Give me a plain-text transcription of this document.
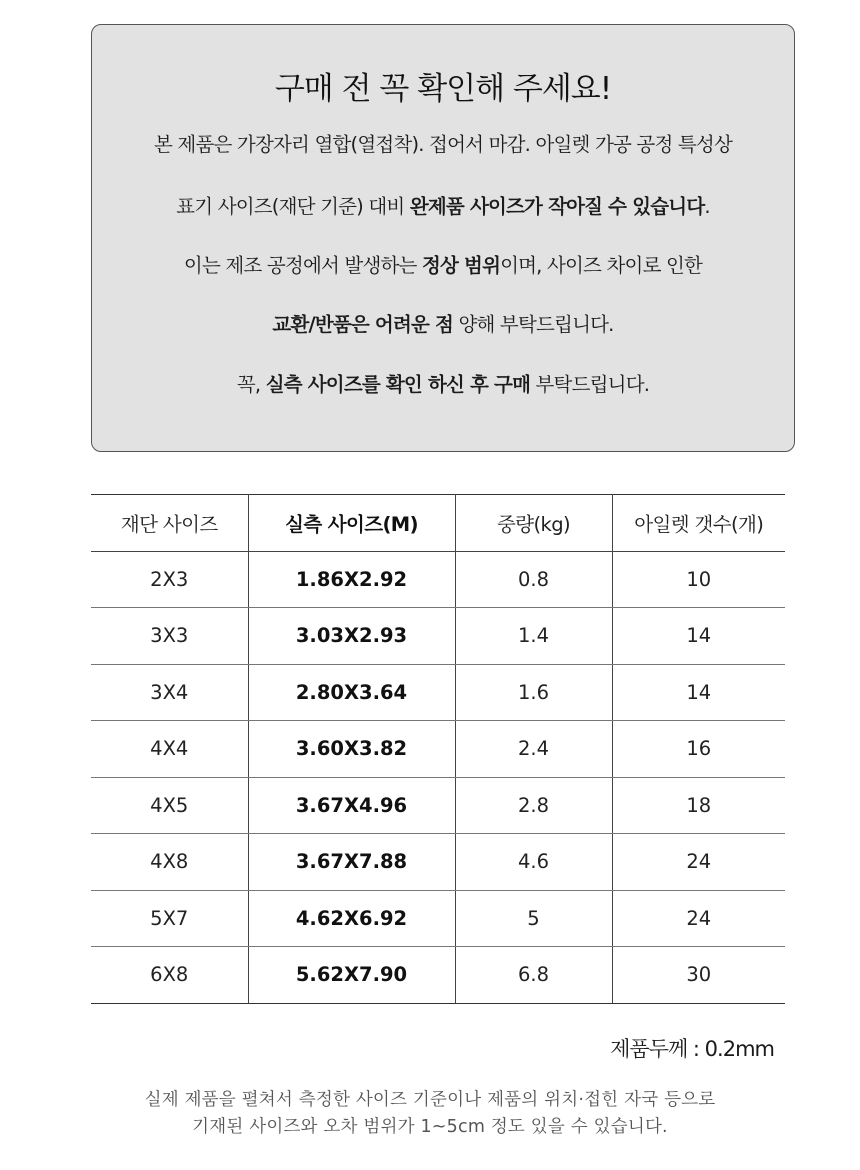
구매 전 꼭 확인해 주세요!
본 제품은 가장자리 열합(열접착). 접어서 마감. 아일렛 가공 공정 특성상
표기 사이즈(재단 기준) 대비 완제품 사이즈가 작아질 수 있습니다.
이는 제조 공정에서 발생하는 정상 범위이며, 사이즈 차이로 인한
교환/반품은 어려운 점 양해 부탁드립니다.
꼭, 실측 사이즈를 확인 하신 후 구매 부탁드립니다.
재단 사이즈	실측 사이즈(M)	중량(kg)	아일렛 갯수(개)
2X3	1.86X2.92	0.8	10
3X3	3.03X2.93	1.4	14
3X4	2.80X3.64	1.6	14
4X4	3.60X3.82	2.4	16
4X5	3.67X4.96	2.8	18
4X8	3.67X7.88	4.6	24
5X7	4.62X6.92	5	24
6X8	5.62X7.90	6.8	30
제품두께 : 0.2mm
실제 제품을 펼쳐서 측정한 사이즈 기준이나 제품의 위치·접힌 자국 등으로
기재된 사이즈와 오차 범위가 1~5cm 정도 있을 수 있습니다.
